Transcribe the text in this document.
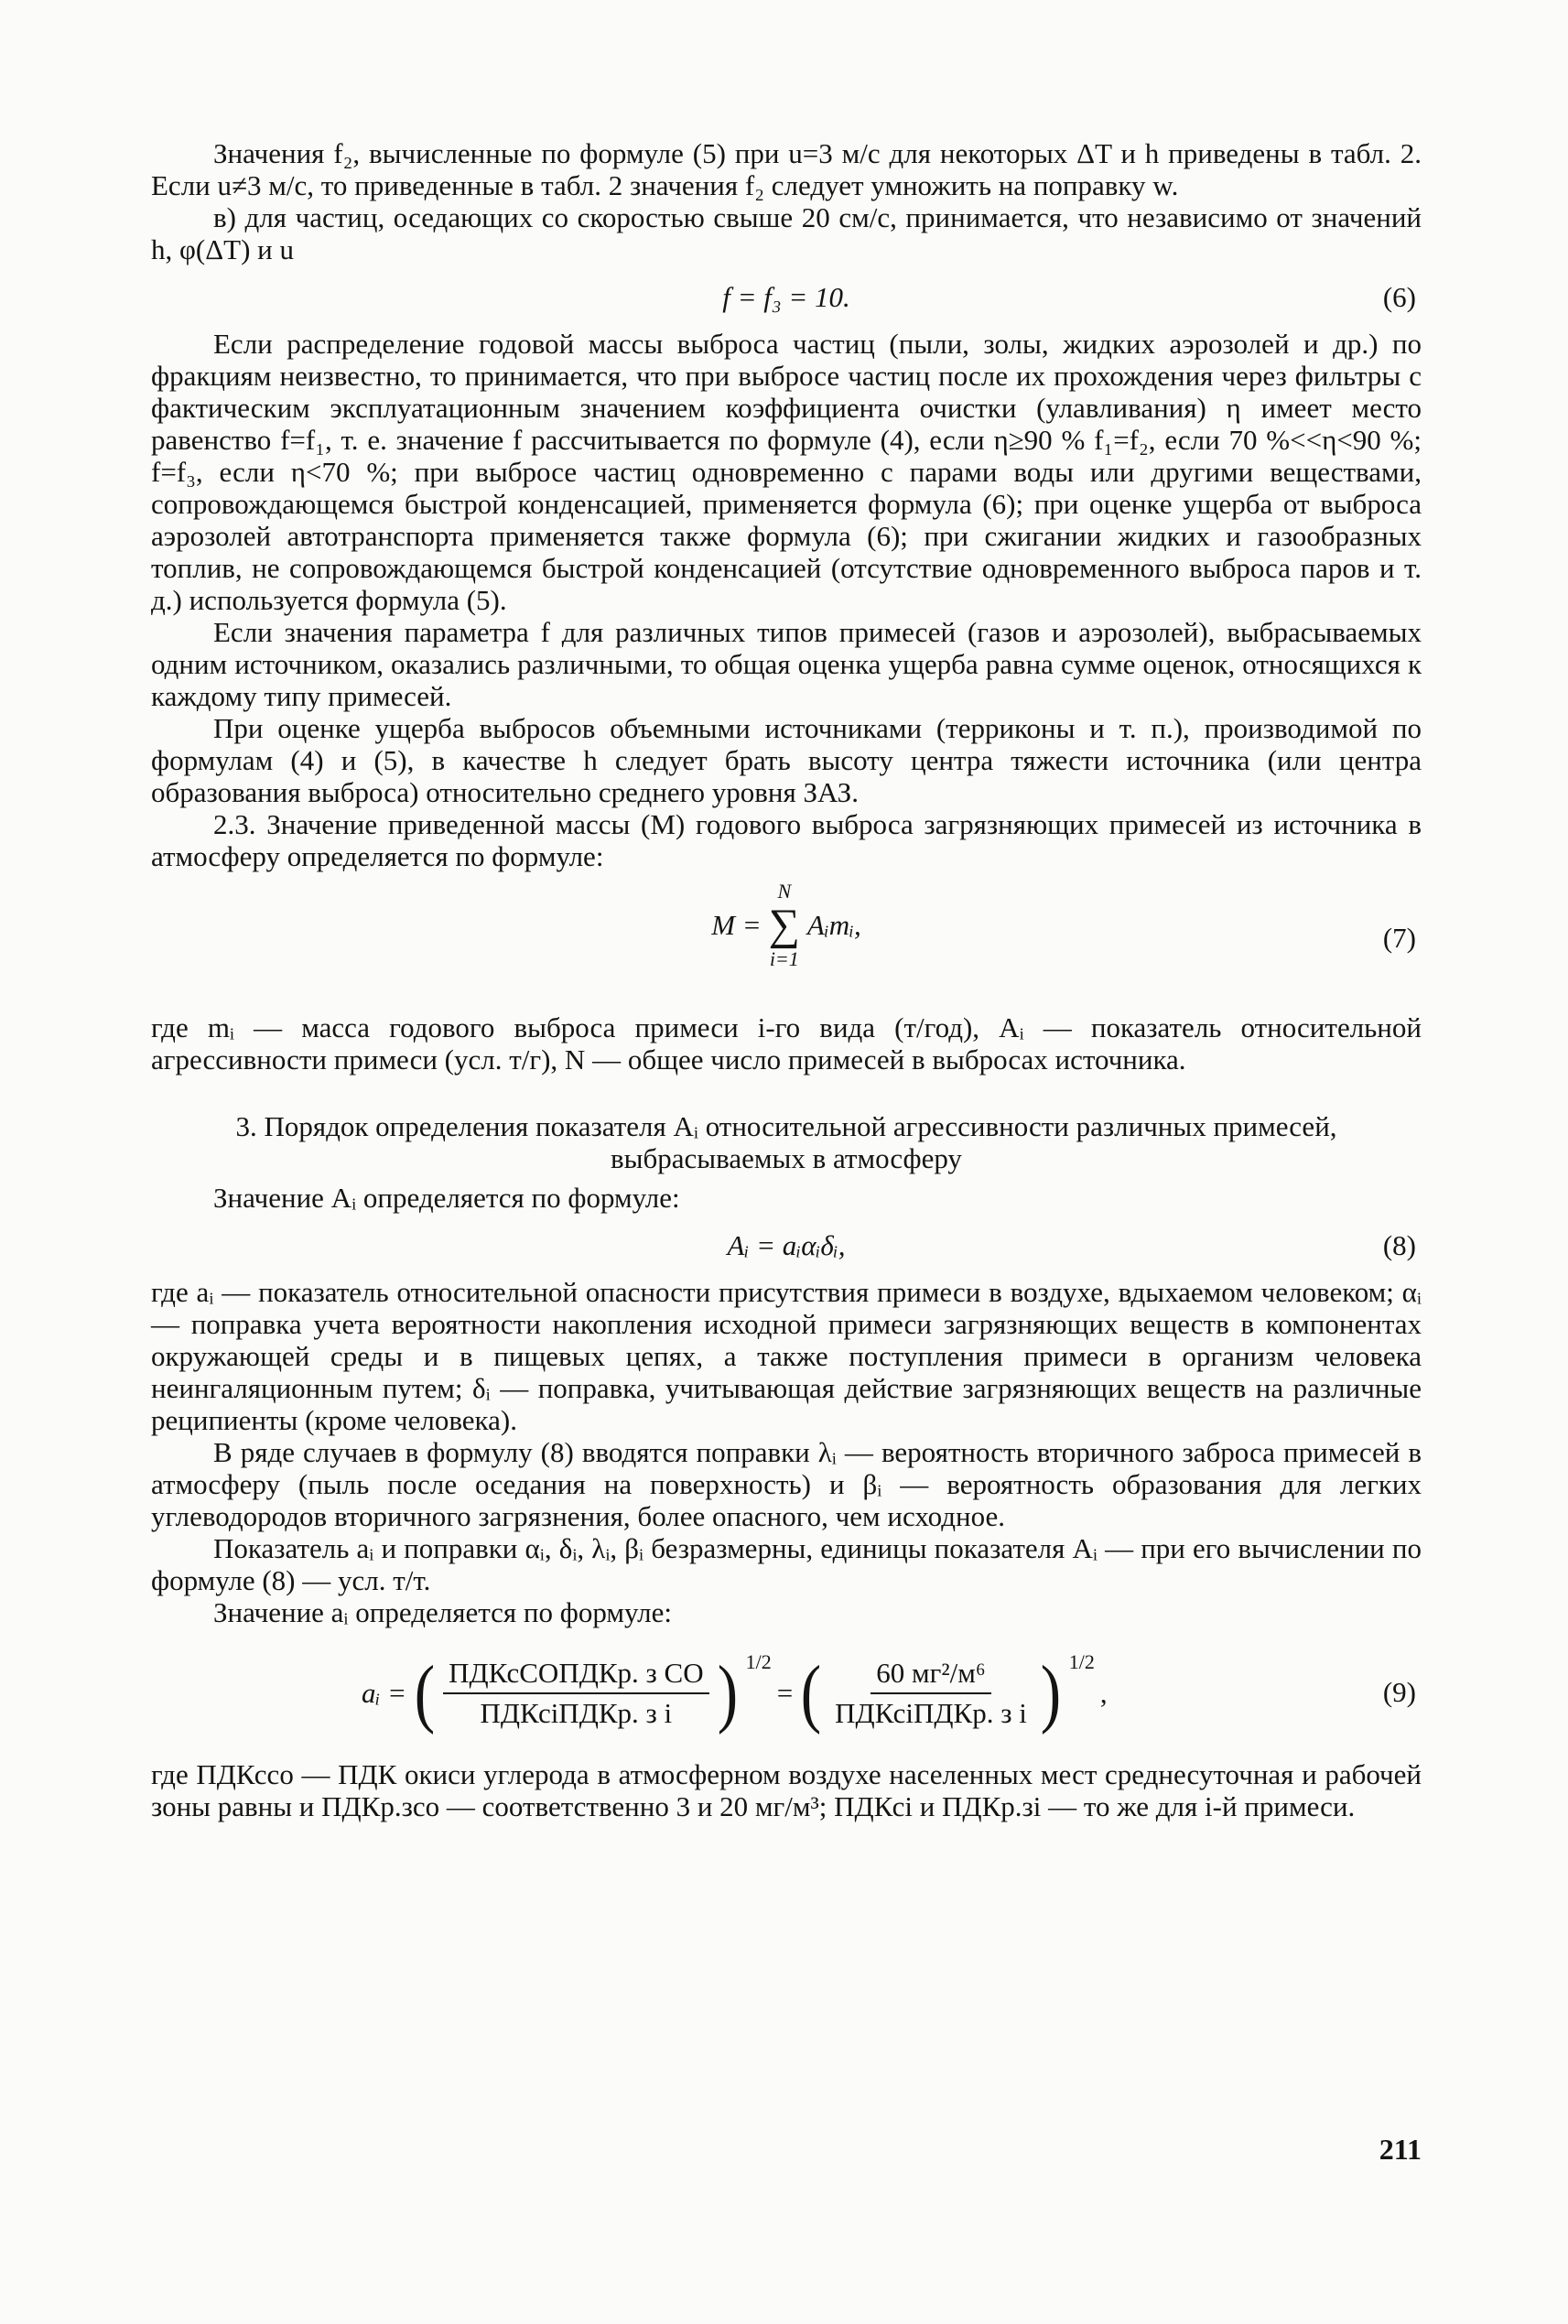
Значения f₂, вычисленные по формуле (5) при u=3 м/с для некоторых ΔT и h приведены в табл. 2. Если u≠3 м/с, то приведенные в табл. 2 значения f₂ следует умножить на поправку w.

в) для частиц, оседающих со скоростью свыше 20 см/с, принимается, что независимо от значений h, φ(ΔT) и u

f = f₃ = 10.	(6)

Если распределение годовой массы выброса частиц (пыли, золы, жидких аэрозолей и др.) по фракциям неизвестно, то принимается, что при выбросе частиц после их прохождения через фильтры с фактическим эксплуатационным значением коэффициента очистки (улавливания) η имеет место равенство f=f₁, т. е. значение f рассчитывается по формуле (4), если η≥90 % f₁=f₂, если 70 %<<η<90 %; f=f₃, если η<70 %; при выбросе частиц одновременно с парами воды или другими веществами, сопровождающемся быстрой конденсацией, применяется формула (6); при оценке ущерба от выброса аэрозолей автотранспорта применяется также формула (6); при сжигании жидких и газообразных топлив, не сопровождающемся быстрой конденсацией (отсутствие одновременного выброса паров и т. д.) используется формула (5).

Если значения параметра f для различных типов примесей (газов и аэрозолей), выбрасываемых одним источником, оказались различными, то общая оценка ущерба равна сумме оценок, относящихся к каждому типу примесей.

При оценке ущерба выбросов объемными источниками (терриконы и т. п.), производимой по формулам (4) и (5), в качестве h следует брать высоту центра тяжести источника (или центра образования выброса) относительно среднего уровня ЗАЗ.

2.3. Значение приведенной массы (M) годового выброса загрязняющих примесей из источника в атмосферу определяется по формуле:

M =
N
∑
i=1
Aᵢmᵢ,	(7)

где mᵢ — масса годового выброса примеси i-го вида (т/год), Aᵢ — показатель относительной агрессивности примеси (усл. т/г), N — общее число примесей в выбросах источника.

3. Порядок определения показателя Aᵢ относительной агрессивности различных примесей, выбрасываемых в атмосферу

Значение Aᵢ определяется по формуле:

Aᵢ = aᵢαᵢδᵢ,	(8)

где aᵢ — показатель относительной опасности присутствия примеси в воздухе, вдыхаемом человеком; αᵢ — поправка учета вероятности накопления исходной примеси загрязняющих веществ в компонентах окружающей среды и в пищевых цепях, а также поступления примеси в организм человека неингаляционным путем; δᵢ — поправка, учитывающая действие загрязняющих веществ на различные реципиенты (кроме человека).

В ряде случаев в формулу (8) вводятся поправки λᵢ — вероятность вторичного заброса примесей в атмосферу (пыль после оседания на поверхность) и βᵢ — вероятность образования для легких углеводородов вторичного загрязнения, более опасного, чем исходное.

Показатель aᵢ и поправки αᵢ, δᵢ, λᵢ, βᵢ безразмерны, единицы показателя Aᵢ — при его вычислении по формуле (8) — усл. т/т.

Значение aᵢ определяется по формуле:

aᵢ = ( $\frac{\text{ПДКсCOПДКр. з CO}}{\text{ПДКсiПДКр. з i}}$ ) 1/2
= ( $\frac{\text{60 мг²/м⁶}}{\text{ПДКсiПДКр. з i}}$ ) 1/2
,	(9)

где ПДКсco — ПДК окиси углерода в атмосферном воздухе населенных мест среднесуточная и рабочей зоны равны и ПДКр.зco — соответственно 3 и 20 мг/м³; ПДКсi и ПДКр.зi — то же для i-й примеси.

211
